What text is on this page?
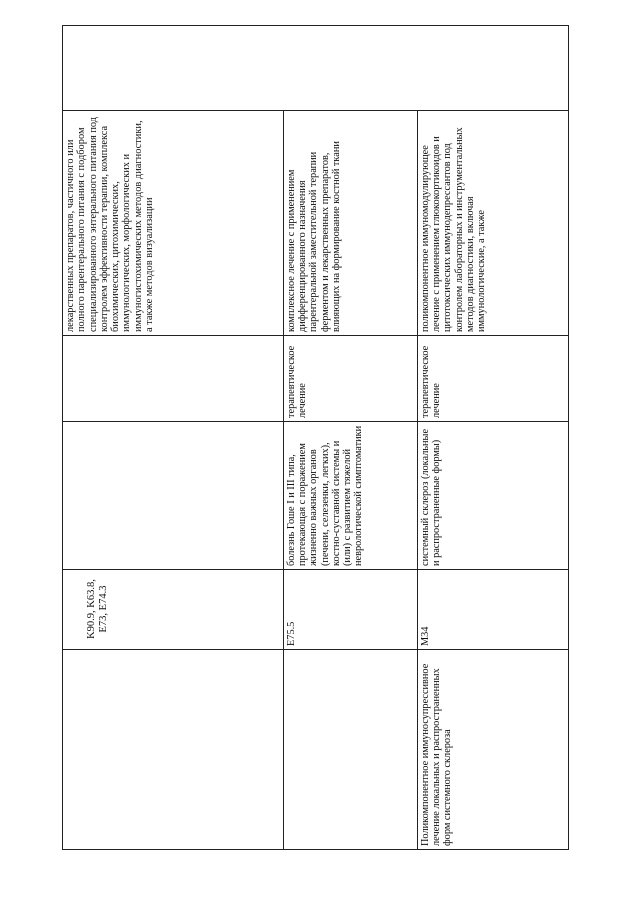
K90.9, K63.8, E73, E74.3
лекарственных препаратов, частичного или полного парентерального питания с подбором специализированного энтерального питания под контролем эффективности терапии, комплекса биохимических, цитохимических, иммунологических, морфологических и иммуногистохимических методов диагностики, а также методов визуализации
E75.5
болезнь Гоше I и III типа, протекающая с поражением жизненно важных органов (печени, селезенки, легких), костно-суставной системы и (или) с развитием тяжелой неврологической симптоматики
терапевтическое лечение
комплексное лечение с применением дифференцированного назначения парентеральной заместительной терапии ферментом и лекарственных препаратов, влияющих на формирование костной ткани
Поликомпонентное иммуносупрессивное лечение локальных и распространенных форм системного склероза
M34
системный склероз (локальные и распространенные формы)
терапевтическое лечение
поликомпонентное иммуномодулирующее лечение с применением глюкокортикоидов и цитотоксических иммунодепрессантов под контролем лабораторных и инструментальных методов диагностики, включая иммунологические, а также
